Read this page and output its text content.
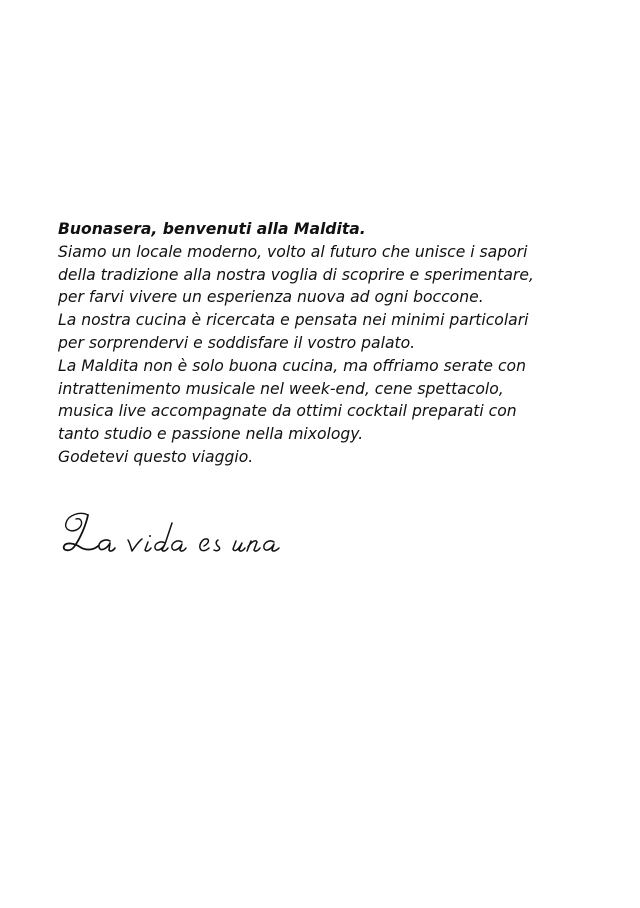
Buonasera, benvenuti alla Maldita.
Siamo un locale moderno, volto al futuro che unisce i sapori
della tradizione alla nostra voglia di scoprire e sperimentare,
per farvi vivere un esperienza nuova ad ogni boccone.
La nostra cucina è ricercata e pensata nei minimi particolari
per sorprendervi e soddisfare il vostro palato.
La Maldita non è solo buona cucina, ma offriamo serate con
intrattenimento musicale nel week-end, cene spettacolo,
musica live accompagnate da ottimi cocktail preparati con
tanto studio e passione nella mixology.
Godetevi questo viaggio.
